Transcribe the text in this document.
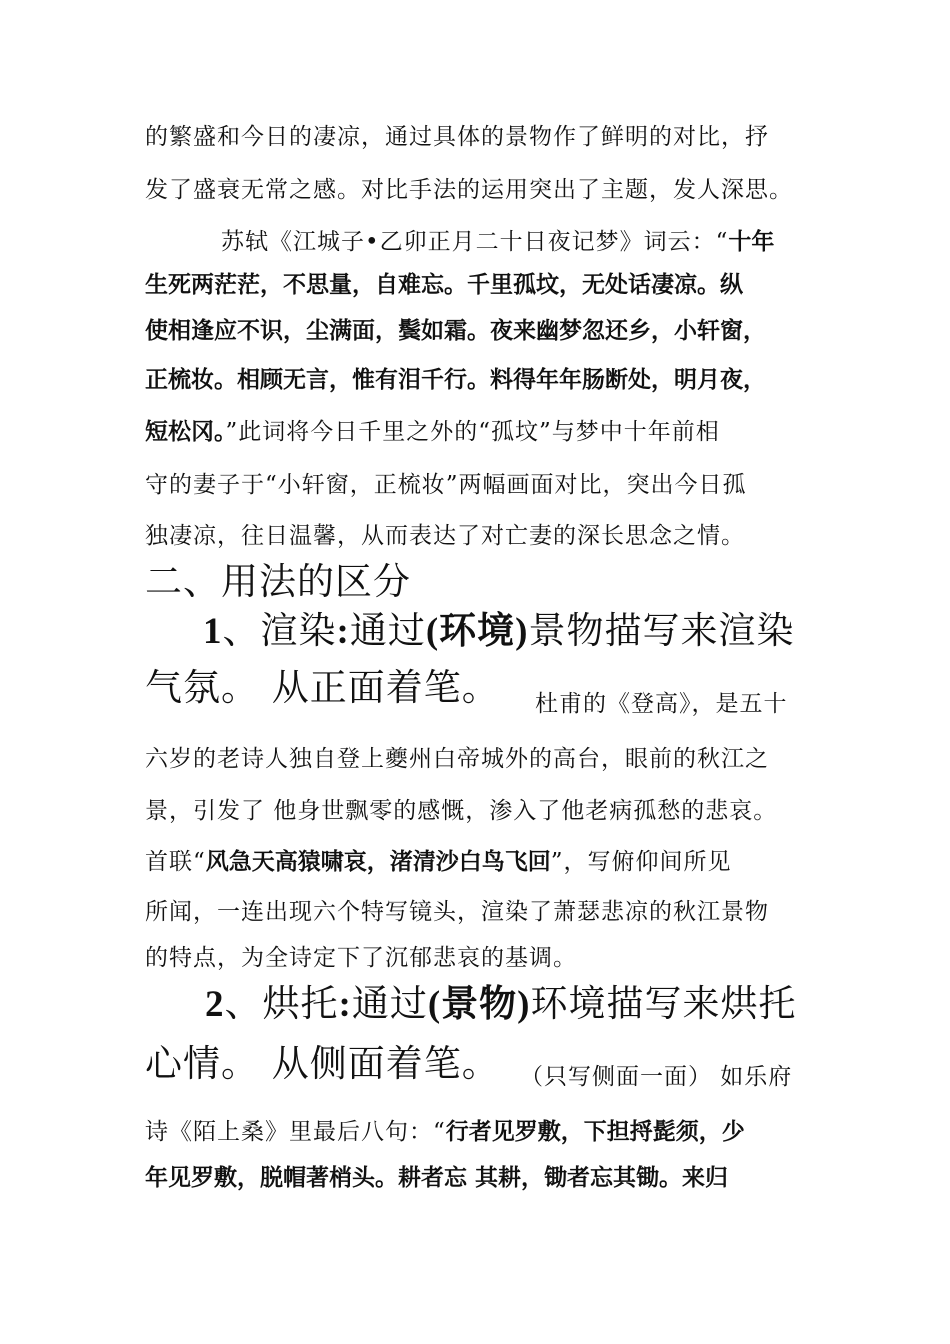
的繁盛和今日的凄凉，通过具体的景物作了鲜明的对比，抒
发了盛衰无常之感。对比手法的运用突出了主题，发人深思。
苏轼《江城子•乙卯正月二十日夜记梦》词云：“十年
生死两茫茫，不思量，自难忘。千里孤坟，无处话凄凉。纵
使相逢应不识，尘满面，鬓如霜。夜来幽梦忽还乡，小轩窗，
正梳妆。相顾无言，惟有泪千行。料得年年肠断处，明月夜，
短松冈。”此词将今日千里之外的“孤坟”与梦中十年前相
守的妻子于“小轩窗，正梳妆”两幅画面对比，突出今日孤
独凄凉，往日温馨，从而表达了对亡妻的深长思念之情。
二、用法的区分
1、渲染:通过(环境)景物描写来渲染
气氛。 从正面着笔。 杜甫的《登高》，是五十
六岁的老诗人独自登上夔州白帝城外的高台，眼前的秋江之
景，引发了 他身世飘零的感慨，渗入了他老病孤愁的悲哀。
首联“风急天高猿啸哀，渚清沙白鸟飞回”，写俯仰间所见
所闻，一连出现六个特写镜头，渲染了萧瑟悲凉的秋江景物
的特点，为全诗定下了沉郁悲哀的基调。
2、烘托:通过(景物)环境描写来烘托
心情。 从侧面着笔。 （只写侧面一面） 如乐府
诗《陌上桑》里最后八句：“行者见罗敷，下担捋髭须，少
年见罗敷，脱帽著梢头。耕者忘 其耕，锄者忘其锄。来归
